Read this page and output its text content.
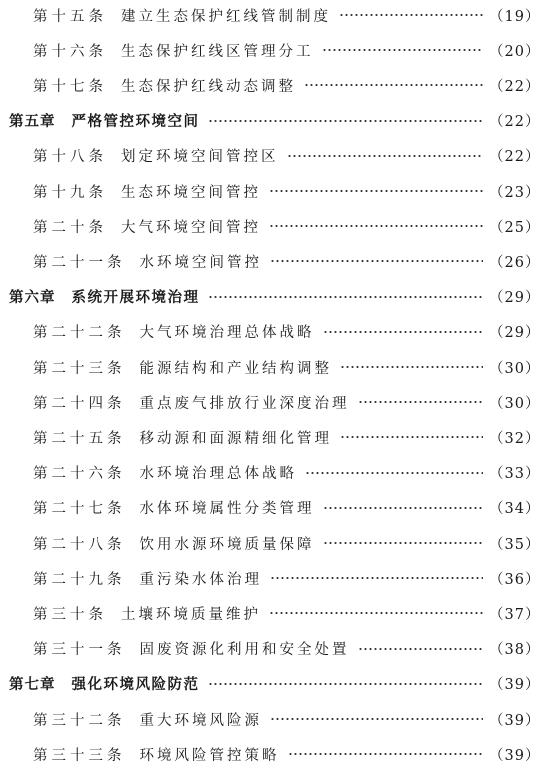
第十五条 建立生态保护红线管制制度	（19）
第十六条 生态保护红线区管理分工	（20）
第十七条 生态保护红线动态调整	（22）
第五章 严格管控环境空间	（22）
第十八条 划定环境空间管控区	（22）
第十九条 生态环境空间管控	（23）
第二十条 大气环境空间管控	（25）
第二十一条 水环境空间管控	（26）
第六章 系统开展环境治理	（29）
第二十二条 大气环境治理总体战略	（29）
第二十三条 能源结构和产业结构调整	（30）
第二十四条 重点废气排放行业深度治理	（30）
第二十五条 移动源和面源精细化管理	（32）
第二十六条 水环境治理总体战略	（33）
第二十七条 水体环境属性分类管理	（34）
第二十八条 饮用水源环境质量保障	（35）
第二十九条 重污染水体治理	（36）
第三十条 土壤环境质量维护	（37）
第三十一条 固废资源化利用和安全处置	（38）
第七章 强化环境风险防范	（39）
第三十二条 重大环境风险源	（39）
第三十三条 环境风险管控策略	（39）
